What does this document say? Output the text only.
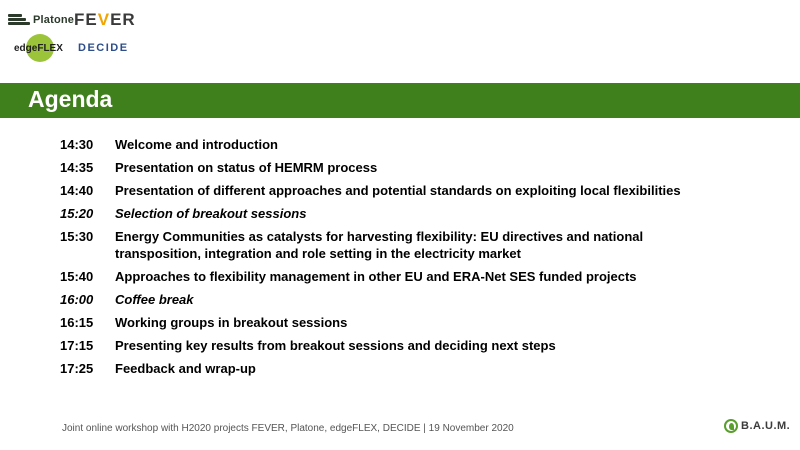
Platone FEVER
edgeFLEX DECIDE
Agenda
14:30	Welcome and introduction
14:35	Presentation on status of HEMRM process
14:40	Presentation of different approaches and potential standards on exploiting local flexibilities
15:20	Selection of breakout sessions
15:30	Energy Communities as catalysts for harvesting flexibility: EU directives and national transposition, integration and role setting in the electricity market
15:40	Approaches to flexibility management in other EU and ERA-Net SES funded projects
16:00	Coffee break
16:15	Working groups in breakout sessions
17:15	Presenting key results from breakout sessions and deciding next steps
17:25	Feedback and wrap-up
Joint online workshop with H2020 projects FEVER, Platone, edgeFLEX, DECIDE | 19 November 2020	B.A.U.M.
